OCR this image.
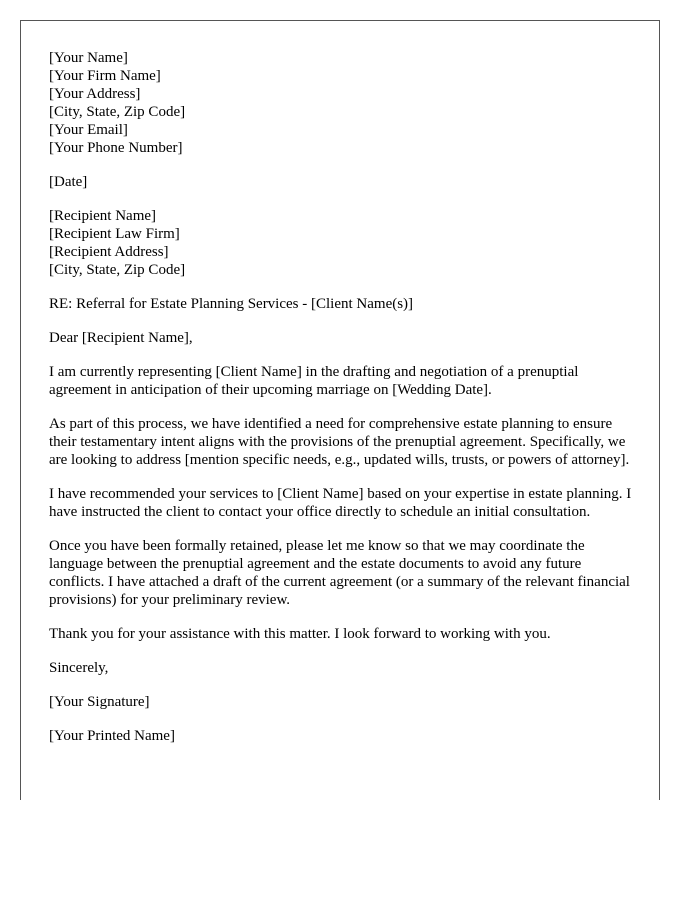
[Your Name]
[Your Firm Name]
[Your Address]
[City, State, Zip Code]
[Your Email]
[Your Phone Number]
[Date]
[Recipient Name]
[Recipient Law Firm]
[Recipient Address]
[City, State, Zip Code]

RE: Referral for Estate Planning Services - [Client Name(s)]

Dear [Recipient Name],

I am currently representing [Client Name] in the drafting and negotiation of a prenuptial agreement in anticipation of their upcoming marriage on [Wedding Date].

As part of this process, we have identified a need for comprehensive estate planning to ensure their testamentary intent aligns with the provisions of the prenuptial agreement. Specifically, we are looking to address [mention specific needs, e.g., updated wills, trusts, or powers of attorney].

I have recommended your services to [Client Name] based on your expertise in estate planning. I have instructed the client to contact your office directly to schedule an initial consultation.

Once you have been formally retained, please let me know so that we may coordinate the language between the prenuptial agreement and the estate documents to avoid any future conflicts. I have attached a draft of the current agreement (or a summary of the relevant financial provisions) for your preliminary review.

Thank you for your assistance with this matter. I look forward to working with you.

Sincerely,

[Your Signature]

[Your Printed Name]
